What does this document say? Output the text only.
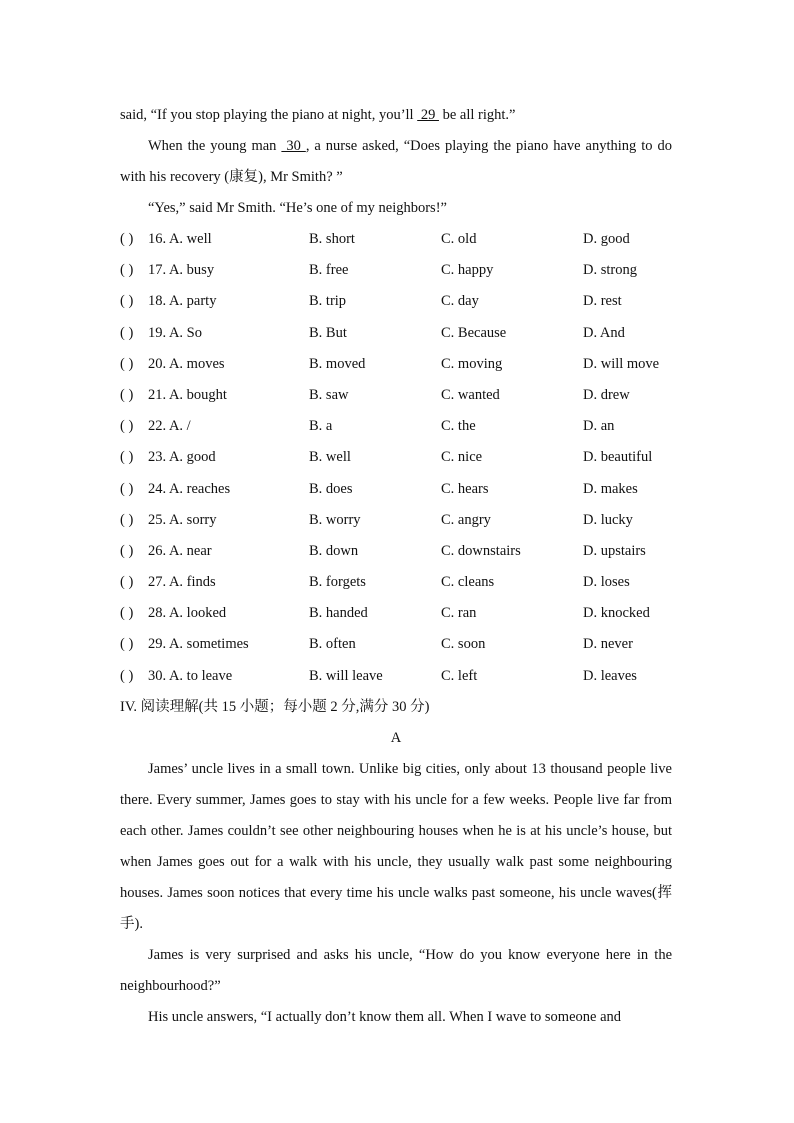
said, “If you stop playing the piano at night, you’ll  29  be all right.”

When the young man  30 , a nurse asked, “Does playing the piano have anything to do with his recovery (康复), Mr Smith? ”

“Yes,” said Mr Smith. “He’s one of my neighbors!”

( ) 16. A. well	B. short	C. old	D. good
( ) 17. A. busy	B. free	C. happy	D. strong
( ) 18. A. party	B. trip	C. day	D. rest
( ) 19. A. So	B. But	C. Because	D. And
( ) 20. A. moves	B. moved	C. moving	D. will move
( ) 21. A. bought	B. saw	C. wanted	D. drew
( ) 22. A. /	B. a	C. the	D. an
( ) 23. A. good	B. well	C. nice	D. beautiful
( ) 24. A. reaches	B. does	C. hears	D. makes
( ) 25. A. sorry	B. worry	C. angry	D. lucky
( ) 26. A. near	B. down	C. downstairs	D. upstairs
( ) 27. A. finds	B. forgets	C. cleans	D. loses
( ) 28. A. looked	B. handed	C. ran	D. knocked
( ) 29. A. sometimes	B. often	C. soon	D. never
( ) 30. A. to leave	B. will leave	C. left	D. leaves

IV. 阅读理解(共 15 小题；每小题 2 分,满分 30 分)

A

James’ uncle lives in a small town. Unlike big cities, only about 13 thousand people live there. Every summer, James goes to stay with his uncle for a few weeks. People live far from each other. James couldn’t see other neighbouring houses when he is at his uncle’s house, but when James goes out for a walk with his uncle, they usually walk past some neighbouring houses. James soon notices that every time his uncle walks past someone, his uncle waves(挥手).

James is very surprised and asks his uncle, “How do you know everyone here in the neighbourhood?”

His uncle answers, “I actually don’t know them all. When I wave to someone and
